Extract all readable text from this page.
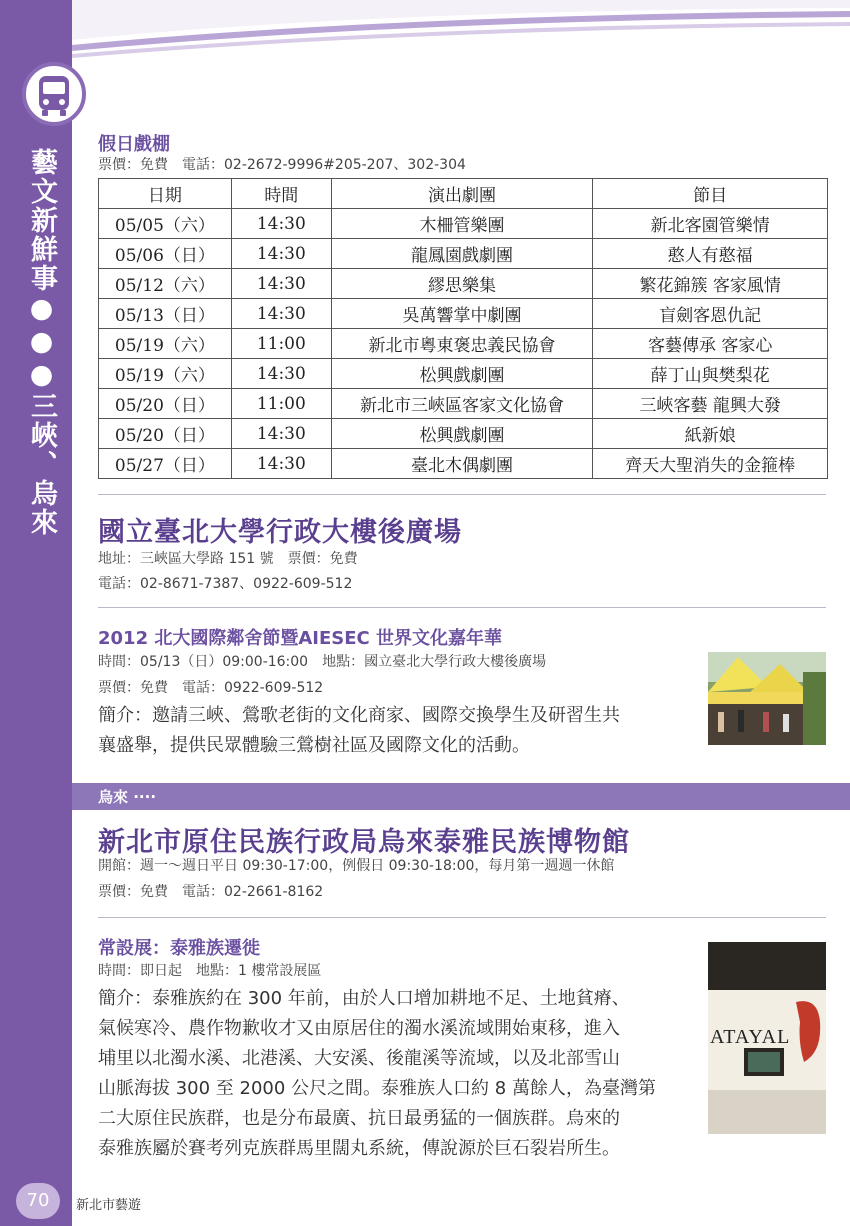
藝文新鮮事●●●三峽、烏來
假日戲棚
票價：免費　電話：02-2672-9996#205-207、302-304
日期	時間	演出劇團	節目
05/05（六）	14:30	木柵管樂團	新北客園管樂情
05/06（日）	14:30	龍鳳園戲劇團	憨人有憨福
05/12（六）	14:30	繆思樂集	繁花錦簇 客家風情
05/13（日）	14:30	吳萬響掌中劇團	盲劍客恩仇記
05/19（六）	11:00	新北市粵東褒忠義民協會	客藝傳承 客家心
05/19（六）	14:30	松興戲劇團	薛丁山與樊梨花
05/20（日）	11:00	新北市三峽區客家文化協會	三峽客藝 龍興大發
05/20（日）	14:30	松興戲劇團	紙新娘
05/27（日）	14:30	臺北木偶劇團	齊天大聖消失的金箍棒
國立臺北大學行政大樓後廣場
地址：三峽區大學路 151 號　票價：免費
電話：02-8671-7387、0922-609-512
2012 北大國際鄰舍節暨AIESEC 世界文化嘉年華
時間：05/13（日）09:00-16:00　地點：國立臺北大學行政大樓後廣場
票價：免費　電話：0922-609-512
簡介：邀請三峽、鶯歌老街的文化商家、國際交換學生及研習生共
襄盛舉，提供民眾體驗三鶯樹社區及國際文化的活動。
烏來 ····
新北市原住民族行政局烏來泰雅民族博物館
開館：週一～週日平日 09:30-17:00，例假日 09:30-18:00，每月第一週週一休館
票價：免費　電話：02-2661-8162
常設展：泰雅族遷徙
時間：即日起　地點：1 樓常設展區
簡介：泰雅族約在 300 年前，由於人口增加耕地不足、土地貧瘠、
氣候寒冷、農作物歉收才又由原居住的濁水溪流域開始東移，進入
埔里以北濁水溪、北港溪、大安溪、後龍溪等流域，以及北部雪山
山脈海拔 300 至 2000 公尺之間。泰雅族人口約 8 萬餘人，為臺灣第
二大原住民族群，也是分布最廣、抗日最勇猛的一個族群。烏來的
泰雅族屬於賽考列克族群馬里闊丸系統，傳說源於巨石裂岩所生。
ATAYAL
70	新北市藝遊
